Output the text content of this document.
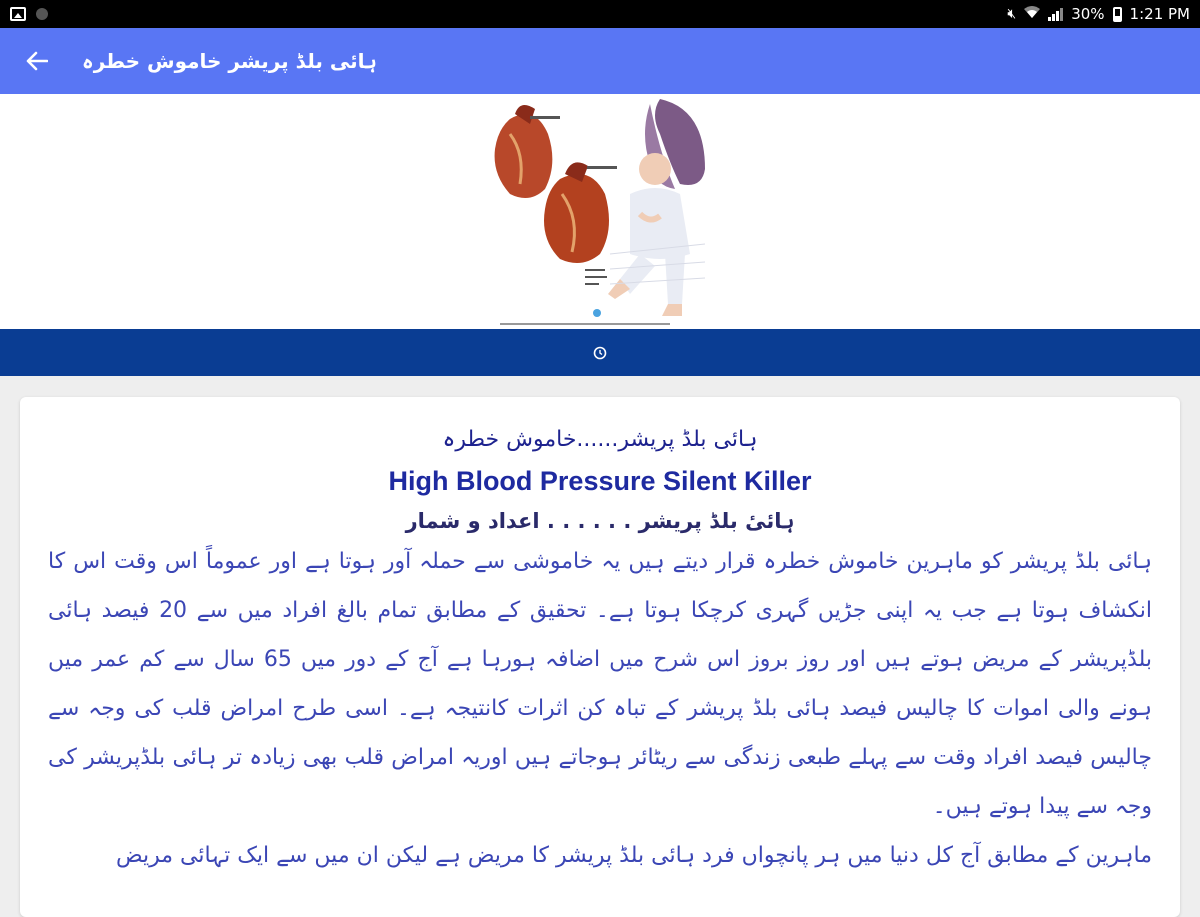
🔇︎	30% 1:21 PM
ہائی بلڈ پریشر خاموش خطرہ
ہائی بلڈ پریشر......خاموش خطرہ
High Blood Pressure Silent Killer
ہائیٔ بلڈ پریشر . . . . . . اعداد و شمار

ہائی بلڈ پریشر کو ماہرین خاموش خطرہ قرار دیتے ہیں یہ خاموشی سے حملہ آور ہوتا ہے اور عموماً اس وقت اس کا انکشاف ہوتا ہے جب یہ اپنی جڑیں گہری کرچکا ہوتا ہے۔ تحقیق کے مطابق تمام بالغ افراد میں سے 20 فیصد ہائی بلڈپریشر کے مریض ہوتے ہیں اور روز بروز اس شرح میں اضافہ ہورہا ہے آج کے دور میں 65 سال سے کم عمر میں ہونے والی اموات کا چالیس فیصد ہائی بلڈ پریشر کے تباہ کن اثرات کانتیجہ ہے۔ اسی طرح امراض قلب کی وجہ سے چالیس فیصد افراد وقت سے پہلے طبعی زندگی سے ریٹائر ہوجاتے ہیں اوریہ امراض قلب بھی زیادہ تر ہائی بلڈپریشر کی وجہ سے پیدا ہوتے ہیں۔

ماہرین کے مطابق آج کل دنیا میں ہر پانچواں فرد ہائی بلڈ پریشر کا مریض ہے لیکن ان میں سے ایک تہائی مریض
